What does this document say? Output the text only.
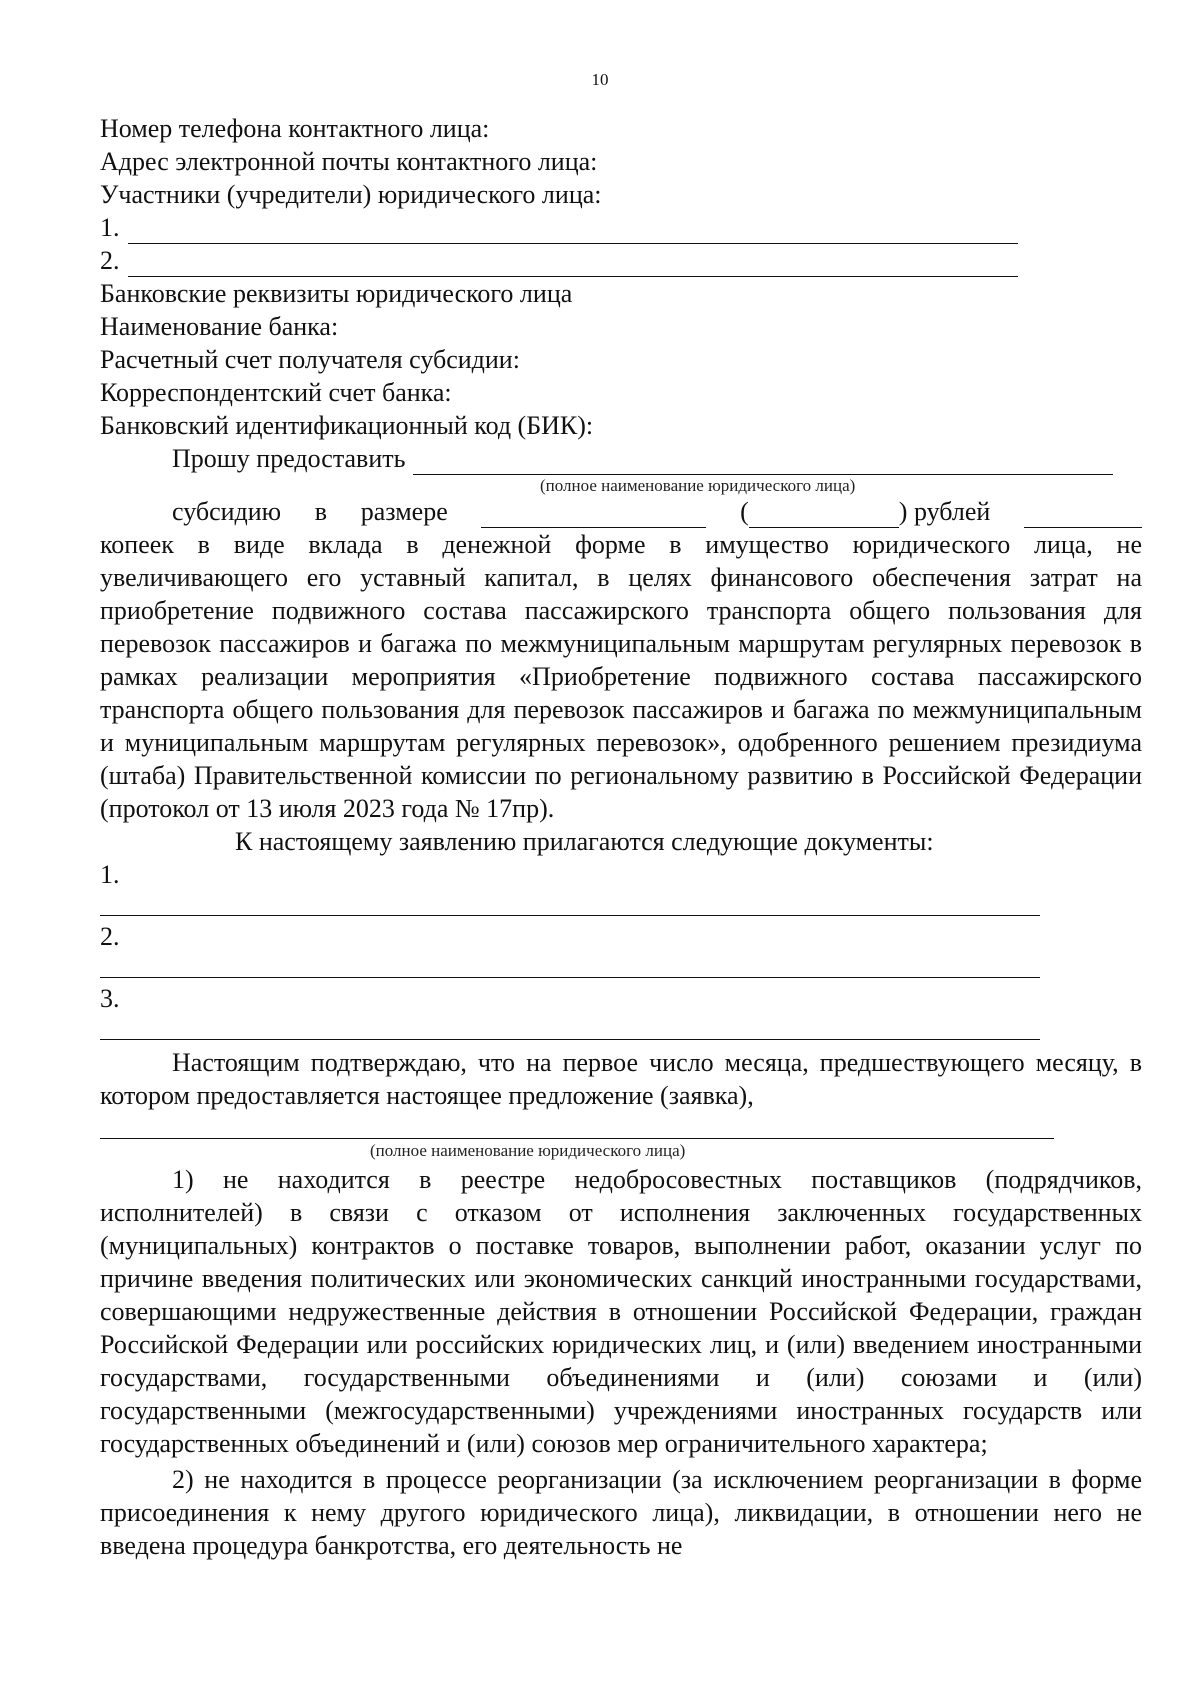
10
Номер телефона контактного лица:
Адрес электронной почты контактного лица:
Участники (учредители) юридического лица:
1.
2.
Банковские реквизиты юридического лица
Наименование банка:
Расчетный счет получателя субсидии:
Корреспондентский счет банка:
Банковский идентификационный код (БИК):
Прошу предоставить
(полное наименование юридического лица)
субсидию в размере	(	) рублей
копеек в виде вклада в денежной форме в имущество юридического лица, не увеличивающего его уставный капитал, в целях финансового обеспечения затрат на приобретение подвижного состава пассажирского транспорта общего пользования для перевозок пассажиров и багажа по межмуниципальным маршрутам регулярных перевозок в рамках реализации мероприятия «Приобретение подвижного состава пассажирского транспорта общего пользования для перевозок пассажиров и багажа по межмуниципальным и муниципальным маршрутам регулярных перевозок», одобренного решением президиума (штаба) Правительственной комиссии по региональному развитию в Российской Федерации (протокол от 13 июля 2023 года № 17пр).
К настоящему заявлению прилагаются следующие документы:
1.
2.
3.
Настоящим подтверждаю, что на первое число месяца, предшествующего месяцу, в котором предоставляется настоящее предложение (заявка),
(полное наименование юридического лица)
1) не находится в реестре недобросовестных поставщиков (подрядчиков, исполнителей) в связи с отказом от исполнения заключенных государственных (муниципальных) контрактов о поставке товаров, выполнении работ, оказании услуг по причине введения политических или экономических санкций иностранными государствами, совершающими недружественные действия в отношении Российской Федерации, граждан Российской Федерации или российских юридических лиц, и (или) введением иностранными государствами, государственными объединениями и (или) союзами и (или) государственными (межгосударственными) учреждениями иностранных государств или государственных объединений и (или) союзов мер ограничительного характера;
2) не находится в процессе реорганизации (за исключением реорганизации в форме присоединения к нему другого юридического лица), ликвидации, в отношении него не введена процедура банкротства, его деятельность не
